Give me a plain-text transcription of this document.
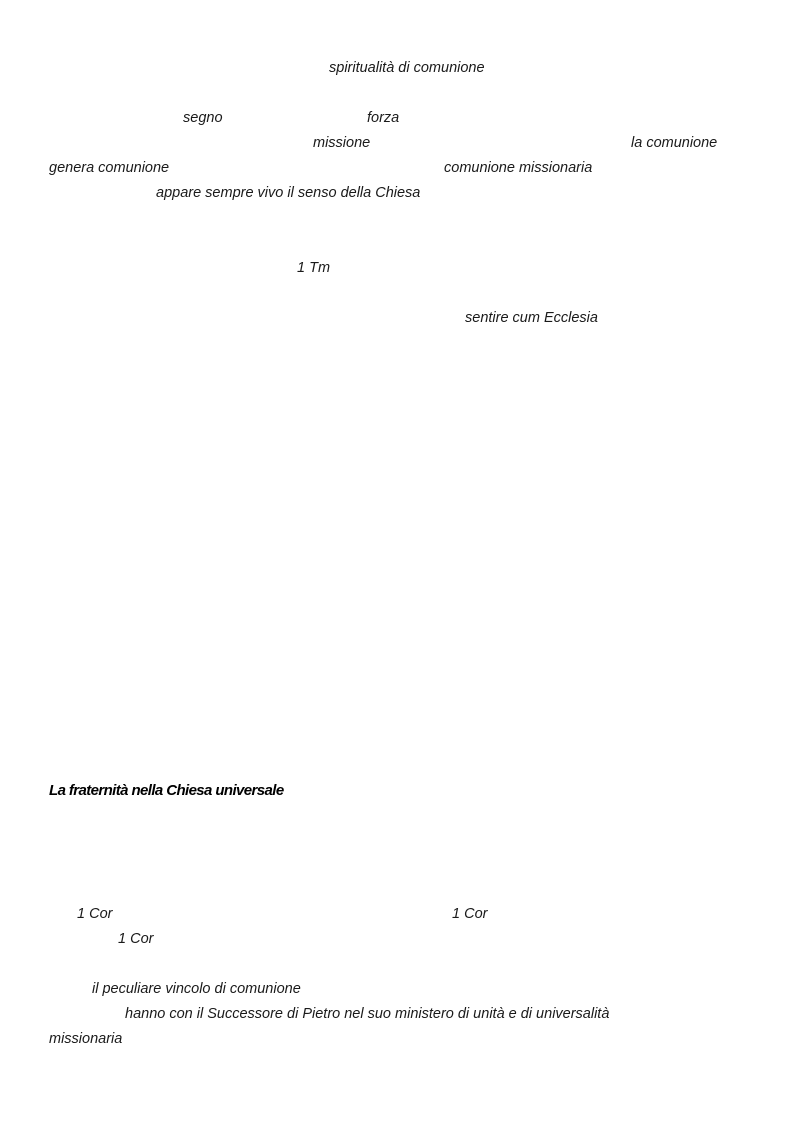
spiritualità di comunione
segno	forza
missione	la comunione
genera comunione	comunione missionaria
appare sempre vivo il senso della Chiesa
1 Tm
sentire cum Ecclesia
La fraternità nella Chiesa universale
1 Cor	1 Cor
1 Cor
il peculiare vincolo di comunione
hanno con il Successore di Pietro nel suo ministero di unità e di universalità
missionaria
